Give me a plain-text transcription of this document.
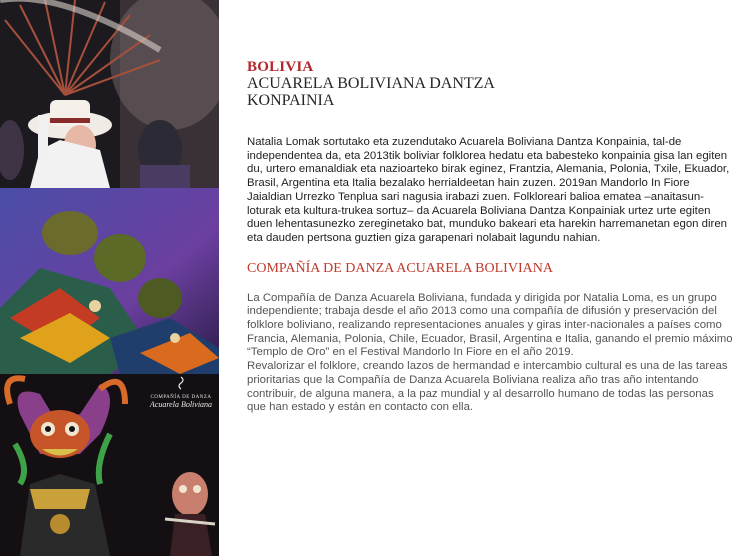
COMPAÑÍA DE DANZA
Acuarela Boliviana
BOLIVIA
ACUARELA BOLIVIANA DANTZA
KONPAINIA
Natalia Lomak sortutako eta zuzendutako Acuarela Boliviana Dantza Konpainia, tal-de independentea da, eta 2013tik boliviar folklorea hedatu eta babesteko konpainia gisa lan egiten du, urtero emanaldiak eta nazioarteko birak eginez, Frantzia, Alemania, Polonia, Txile, Ekuador, Brasil, Argentina eta Italia bezalako herrialdeetan hain zuzen. 2019an Mandorlo In Fiore Jaialdian Urrezko Tenplua sari nagusia irabazi zuen. Folkloreari balioa ematea –anaitasun-loturak eta kultura-trukea sortuz– da Acuarela Boliviana Dantza Konpainiak urtez urte egiten duen lehentasunezko zereginetako bat, munduko bakeari eta harekin harremanetan egon diren eta dauden pertsona guztien giza garapenari nolabait lagundu nahian.
COMPAÑÍA DE DANZA ACUARELA BOLIVIANA

La Compañía de Danza Acuarela Boliviana, fundada y dirigida por Natalia Loma, es un grupo independiente; trabaja desde el año 2013 como una compañía de difusión y preservación del folklore boliviano, realizando representaciones anuales y giras inter-nacionales a países como Francia, Alemania, Polonia, Chile, Ecuador, Brasil, Argentina e Italia, ganando el premio máximo “Templo de Oro” en el Festival Mandorlo In Fiore en el año 2019.

Revalorizar el folklore, creando lazos de hermandad e intercambio cultural es una de las tareas prioritarias que la Compañía de Danza Acuarela Boliviana realiza año tras año intentando contribuir, de alguna manera, a la paz mundial y al desarrollo humano de todas las personas que han estado y están en contacto con ella.
